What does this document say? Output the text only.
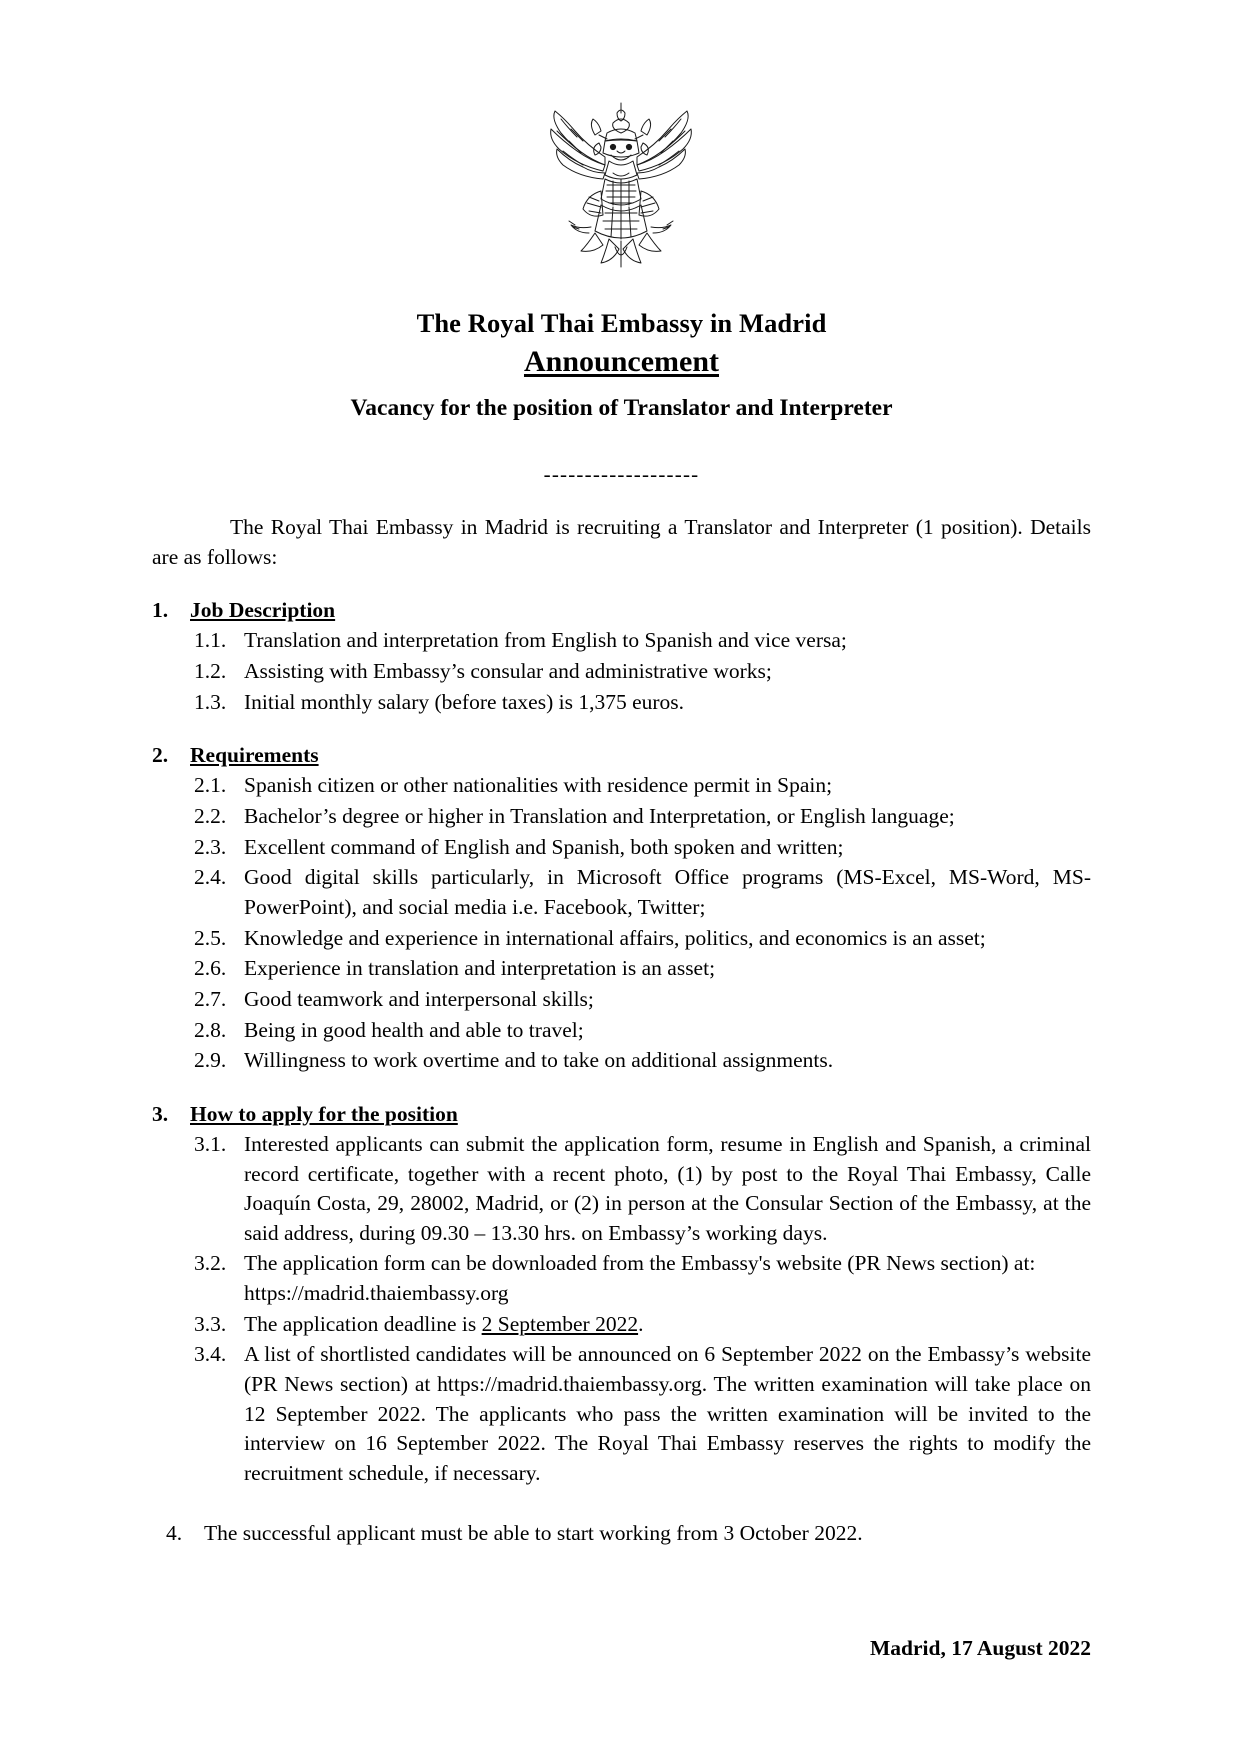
The Royal Thai Embassy in Madrid
Announcement
Vacancy for the position of Translator and Interpreter
-------------------

The Royal Thai Embassy in Madrid is recruiting a Translator and Interpreter (1 position). Details are as follows:

1.	Job Description
1.1. Translation and interpretation from English to Spanish and vice versa;
1.2. Assisting with Embassy’s consular and administrative works;
1.3. Initial monthly salary (before taxes) is 1,375 euros.
2.	Requirements
2.1. Spanish citizen or other nationalities with residence permit in Spain;
2.2. Bachelor’s degree or higher in Translation and Interpretation, or English language;
2.3. Excellent command of English and Spanish, both spoken and written;
2.4. Good digital skills particularly, in Microsoft Office programs (MS-Excel, MS-Word, MS-PowerPoint), and social media i.e. Facebook, Twitter;
2.5. Knowledge and experience in international affairs, politics, and economics is an asset;
2.6. Experience in translation and interpretation is an asset;
2.7. Good teamwork and interpersonal skills;
2.8. Being in good health and able to travel;
2.9. Willingness to work overtime and to take on additional assignments.
3.	How to apply for the position
3.1. Interested applicants can submit the application form, resume in English and Spanish, a criminal record certificate, together with a recent photo, (1) by post to the Royal Thai Embassy, Calle Joaquín Costa, 29, 28002, Madrid, or (2) in person at the Consular Section of the Embassy, at the said address, during 09.30 – 13.30 hrs. on Embassy’s working days.
3.2. The application form can be downloaded from the Embassy's website (PR News section) at: https://madrid.thaiembassy.org
3.3. The application deadline is 2 September 2022.
3.4. A list of shortlisted candidates will be announced on 6 September 2022 on the Embassy’s website (PR News section) at https://madrid.thaiembassy.org. The written examination will take place on 12 September 2022. The applicants who pass the written examination will be invited to the interview on 16 September 2022. The Royal Thai Embassy reserves the rights to modify the recruitment schedule, if necessary.
4.	The successful applicant must be able to start working from 3 October 2022.
Madrid, 17 August 2022
